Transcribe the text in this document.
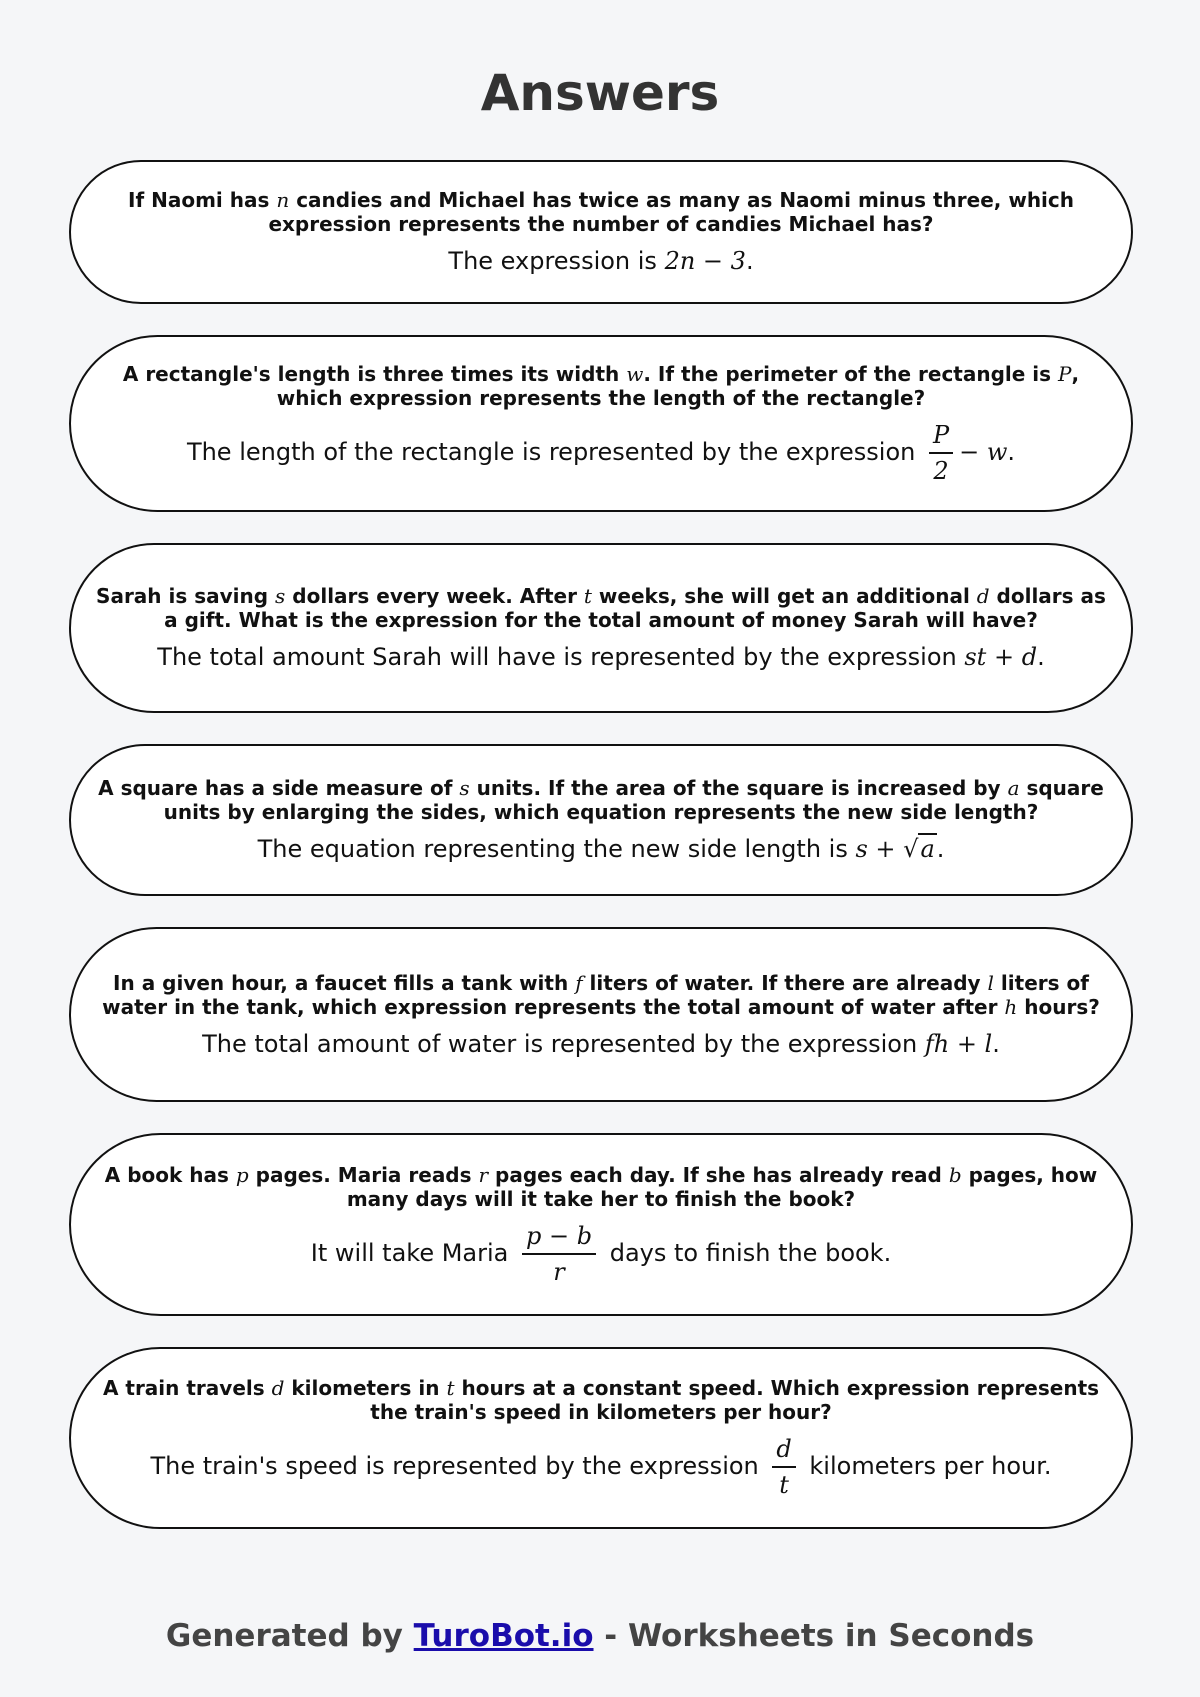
Answers
If Naomi has n candies and Michael has twice as many as Naomi minus three, which expression represents the number of candies Michael has?
The expression is 2n − 3.
A rectangle's length is three times its width w. If the perimeter of the rectangle is P, which expression represents the length of the rectangle?
The length of the rectangle is represented by the expression $\frac{P}{2} - w$.
Sarah is saving s dollars every week. After t weeks, she will get an additional d dollars as a gift. What is the expression for the total amount of money Sarah will have?
The total amount Sarah will have is represented by the expression st + d.
A square has a side measure of s units. If the area of the square is increased by a square units by enlarging the sides, which equation represents the new side length?
The equation representing the new side length is s + √a.
In a given hour, a faucet fills a tank with f liters of water. If there are already l liters of water in the tank, which expression represents the total amount of water after h hours?
The total amount of water is represented by the expression fh + l.
A book has p pages. Maria reads r pages each day. If she has already read b pages, how many days will it take her to finish the book?
It will take Maria $\frac{p - b}{r}$ days to finish the book.
A train travels d kilometers in t hours at a constant speed. Which expression represents the train's speed in kilometers per hour?
The train's speed is represented by the expression $\frac{d}{t}$ kilometers per hour.
Generated by TuroBot.io - Worksheets in Seconds
